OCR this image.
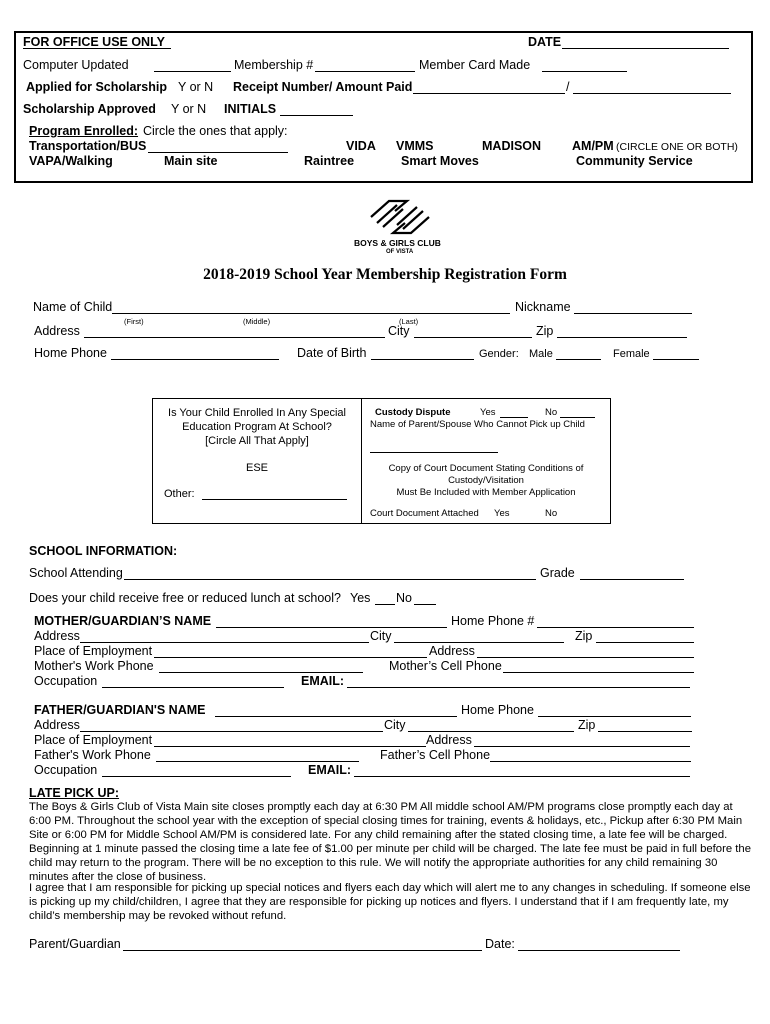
FOR OFFICE USE ONLY	DATE
Computer Updated	Membership #	Member Card Made
Applied for Scholarship Y or N Receipt Number/ Amount Paid	/
Scholarship Approved Y or N INITIALS
Program Enrolled: Circle the ones that apply:
Transportation/BUS	VIDA VMMS	MADISON AM/PM (CIRCLE ONE OR BOTH)
VAPA/Walking	Main site	Raintree	Smart Moves	Community Service
BOYS & GIRLS CLUB
OF VISTA
2018-2019 School Year Membership Registration Form
Name of Child	Nickname
(First)	(Middle)	(Last)
Address	City	Zip
Home Phone	Date of Birth	Gender: Male	Female
Is Your Child Enrolled In Any Special
Education Program At School?
[Circle All That Apply]
ESE
Other:
Custody Dispute	Yes	No
Name of Parent/Spouse Who Cannot Pick up Child
Copy of Court Document Stating Conditions of
Custody/Visitation
Must Be Included with Member Application
Court Document Attached Yes	No
SCHOOL INFORMATION:
School Attending	Grade
Does your child receive free or reduced lunch at school? Yes No
MOTHER/GUARDIAN’S NAME	Home Phone #
Address	City	Zip
Place of Employment	Address
Mother's Work Phone	Mother’s Cell Phone
Occupation	EMAIL:
FATHER/GUARDIAN'S NAME	Home Phone
Address	City	Zip
Place of Employment	Address
Father's Work Phone	Father’s Cell Phone
Occupation	EMAIL:
LATE PICK UP:
The Boys & Girls Club of Vista Main site closes promptly each day at 6:30 PM All middle school AM/PM programs close promptly each day at 6:00 PM. Throughout the school year with the exception of special closing times for training, events & holidays, etc., Pickup after 6:30 PM Main Site or 6:00 PM for Middle School AM/PM is considered late. For any child remaining after the stated closing time, a late fee will be charged. Beginning at 1 minute passed the closing time a late fee of $1.00 per minute per child will be charged. The late fee must be paid in full before the child may return to the program. There will be no exception to this rule. We will notify the appropriate authorities for any child remaining 30 minutes after the close of business.
I agree that I am responsible for picking up special notices and flyers each day which will alert me to any changes in scheduling. If someone else is picking up my child/children, I agree that they are responsible for picking up notices and flyers. I understand that if I am frequently late, my child’s membership may be revoked without refund.
Parent/Guardian	Date:
